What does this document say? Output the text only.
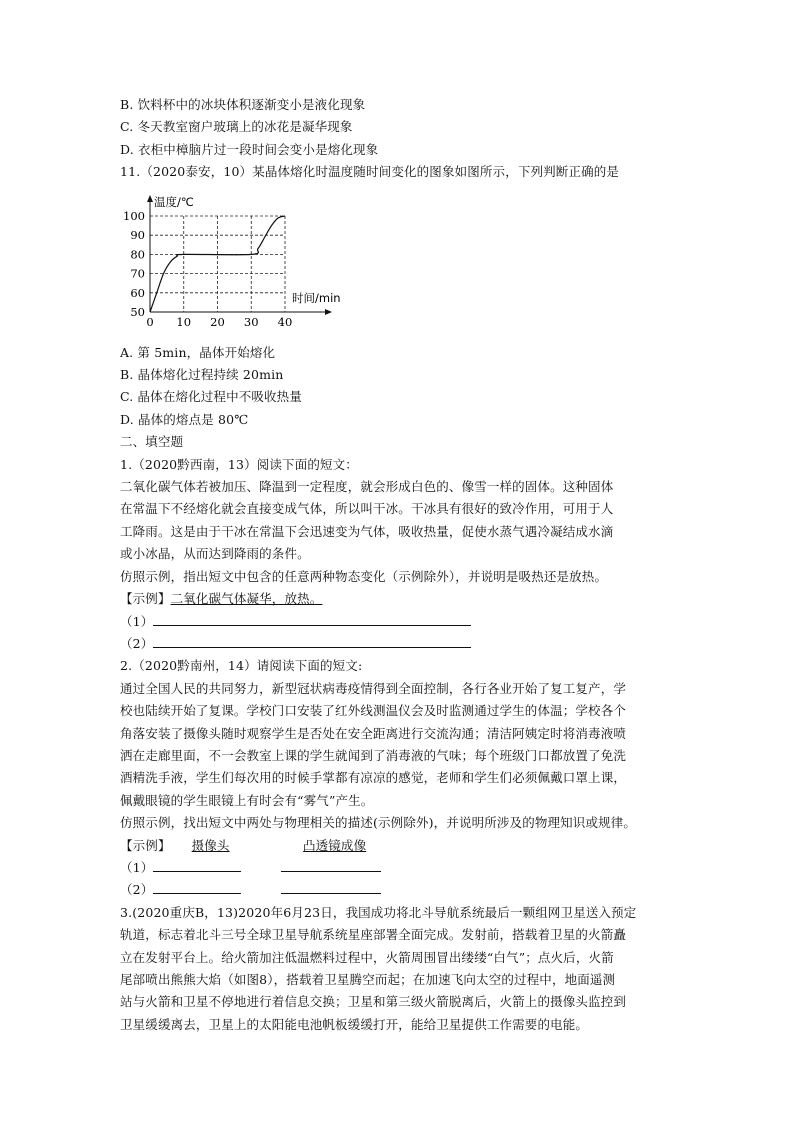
B. 饮料杯中的冰块体积逐渐变小是液化现象
C. 冬天教室窗户玻璃上的冰花是凝华现象
D. 衣柜中樟脑片过一段时间会变小是熔化现象
11.（2020泰安，10）某晶体熔化时温度随时间变化的图象如图所示，下列判断正确的是
0 10 20 30 40
50
60
70
80
90
100
温度/℃
时间/min
A. 第 5min，晶体开始熔化
B. 晶体熔化过程持续 20min
C. 晶体在熔化过程中不吸收热量
D. 晶体的熔点是 80℃
二、填空题
1.（2020黔西南，13）阅读下面的短文：
二氧化碳气体若被加压、降温到一定程度，就会形成白色的、像雪一样的固体。这种固体
在常温下不经熔化就会直接变成气体，所以叫干冰。干冰具有很好的致冷作用，可用于人
工降雨。这是由于干冰在常温下会迅速变为气体，吸收热量，促使水蒸气遇冷凝结成水滴
或小冰晶，从而达到降雨的条件。
仿照示例，指出短文中包含的任意两种物态变化（示例除外），并说明是吸热还是放热。
【示例】二氧化碳气体凝华，放热。
（1）
（2）
2.（2020黔南州，14）请阅读下面的短文:
通过全国人民的共同努力，新型冠状病毒疫情得到全面控制，各行各业开始了复工复产，学
校也陆续开始了复课。学校门口安装了红外线测温仪会及时监测通过学生的体温；学校各个
角落安装了摄像头随时观察学生是否处在安全距离进行交流沟通；清洁阿姨定时将消毒液喷
洒在走廊里面，不一会教室上课的学生就闻到了消毒液的气味；每个班级门口都放置了免洗
酒精洗手液，学生们每次用的时候手掌都有凉凉的感觉，老师和学生们必须佩戴口罩上课，
佩戴眼镜的学生眼镜上有时会有“雾气”产生。
仿照示例，找出短文中两处与物理相关的描述(示例除外)，并说明所涉及的物理知识或规律。
【示例】 摄像头	凸透镜成像
（1）
（2）
3.(2020重庆B，13)2020年6月23日，我国成功将北斗导航系统最后一颗组网卫星送入预定
轨道，标志着北斗三号全球卫星导航系统星座部署全面完成。发射前，搭载着卫星的火箭矗
立在发射平台上。给火箭加注低温燃料过程中，火箭周围冒出缕缕“白气”；点火后，火箭
尾部喷出熊熊大焰（如图8），搭载着卫星腾空而起；在加速飞向太空的过程中，地面遥测
站与火箭和卫星不停地进行着信息交换；卫星和第三级火箭脱离后，火箭上的摄像头监控到
卫星缓缓离去，卫星上的太阳能电池帆板缓缓打开，能给卫星提供工作需要的电能。
